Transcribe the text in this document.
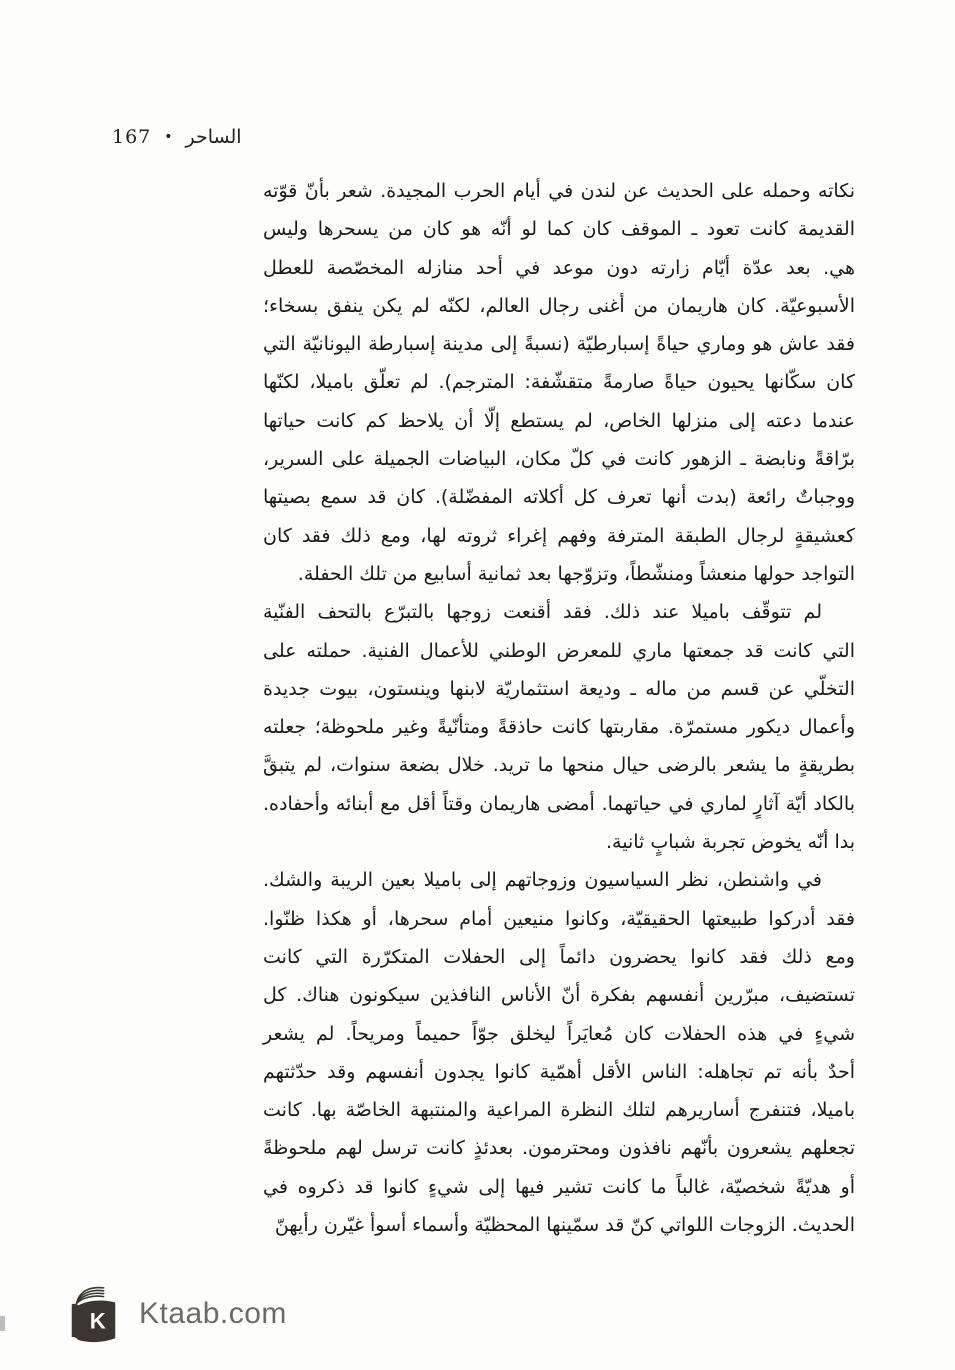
الساحر
•
167
نكاته وحمله على الحديث عن لندن في أيام الحرب المجيدة. شعر بأنّ قوّته
القديمة كانت تعود ـ الموقف كان كما لو أنّه هو كان من يسحرها وليس
هي. بعد عدّة أيّام زارته دون موعد في أحد منازله المخصّصة للعطل
الأسبوعيّة. كان هاريمان من أغنى رجال العالم، لكنّه لم يكن ينفق بسخاء؛
فقد عاش هو وماري حياةً إسبارطيّة (نسبةً إلى مدينة إسبارطة اليونانيّة التي
كان سكّانها يحيون حياةً صارمةً متقشّفة: المترجم). لم تعلّق باميلا، لكنّها
عندما دعته إلى منزلها الخاص، لم يستطع إلّا أن يلاحظ كم كانت حياتها
برّاقةً ونابضة ـ الزهور كانت في كلّ مكان، البياضات الجميلة على السرير،
ووجباتٌ رائعة (بدت أنها تعرف كل أكلاته المفضّلة). كان قد سمع بصيتها
كعشيقةٍ لرجال الطبقة المترفة وفهم إغراء ثروته لها، ومع ذلك فقد كان
التواجد حولها منعشاً ومنشّطاً، وتزوّجها بعد ثمانية أسابيع من تلك الحفلة.
لم تتوقّف باميلا عند ذلك. فقد أقنعت زوجها بالتبرّع بالتحف الفنّية
التي كانت قد جمعتها ماري للمعرض الوطني للأعمال الفنية. حملته على
التخلّي عن قسم من ماله ـ وديعة استثماريّة لابنها وينستون، بيوت جديدة
وأعمال ديكور مستمرّة. مقاربتها كانت حاذقةً ومتأنّيةً وغير ملحوظة؛ جعلته
بطريقةٍ ما يشعر بالرضى حيال منحها ما تريد. خلال بضعة سنوات، لم يتبقَّ
بالكاد أيّة آثارٍ لماري في حياتهما. أمضى هاريمان وقتاً أقل مع أبنائه وأحفاده.
بدا أنّه يخوض تجربة شبابٍ ثانية.
في واشنطن، نظر السياسيون وزوجاتهم إلى باميلا بعين الريبة والشك.
فقد أدركوا طبيعتها الحقيقيّة، وكانوا منيعين أمام سحرها، أو هكذا ظنّوا.
ومع ذلك فقد كانوا يحضرون دائماً إلى الحفلات المتكرّرة التي كانت
تستضيف، مبرّرين أنفسهم بفكرة أنّ الأناس النافذين سيكونون هناك. كل
شيءٍ في هذه الحفلات كان مُعايَراً ليخلق جوّاً حميماً ومريحاً. لم يشعر
أحدٌ بأنه تم تجاهله: الناس الأقل أهمّية كانوا يجدون أنفسهم وقد حدّثتهم
باميلا، فتنفرج أساريرهم لتلك النظرة المراعية والمنتبهة الخاصّة بها. كانت
تجعلهم يشعرون بأنّهم نافذون ومحترمون. بعدئذٍ كانت ترسل لهم ملحوظةً
أو هديّةً شخصيّة، غالباً ما كانت تشير فيها إلى شيءٍ كانوا قد ذكروه في
الحديث. الزوجات اللواتي كنّ قد سمّينها المحظيّة وأسماء أسوأ غيّرن رأيهنّ
K Ktaab.com
